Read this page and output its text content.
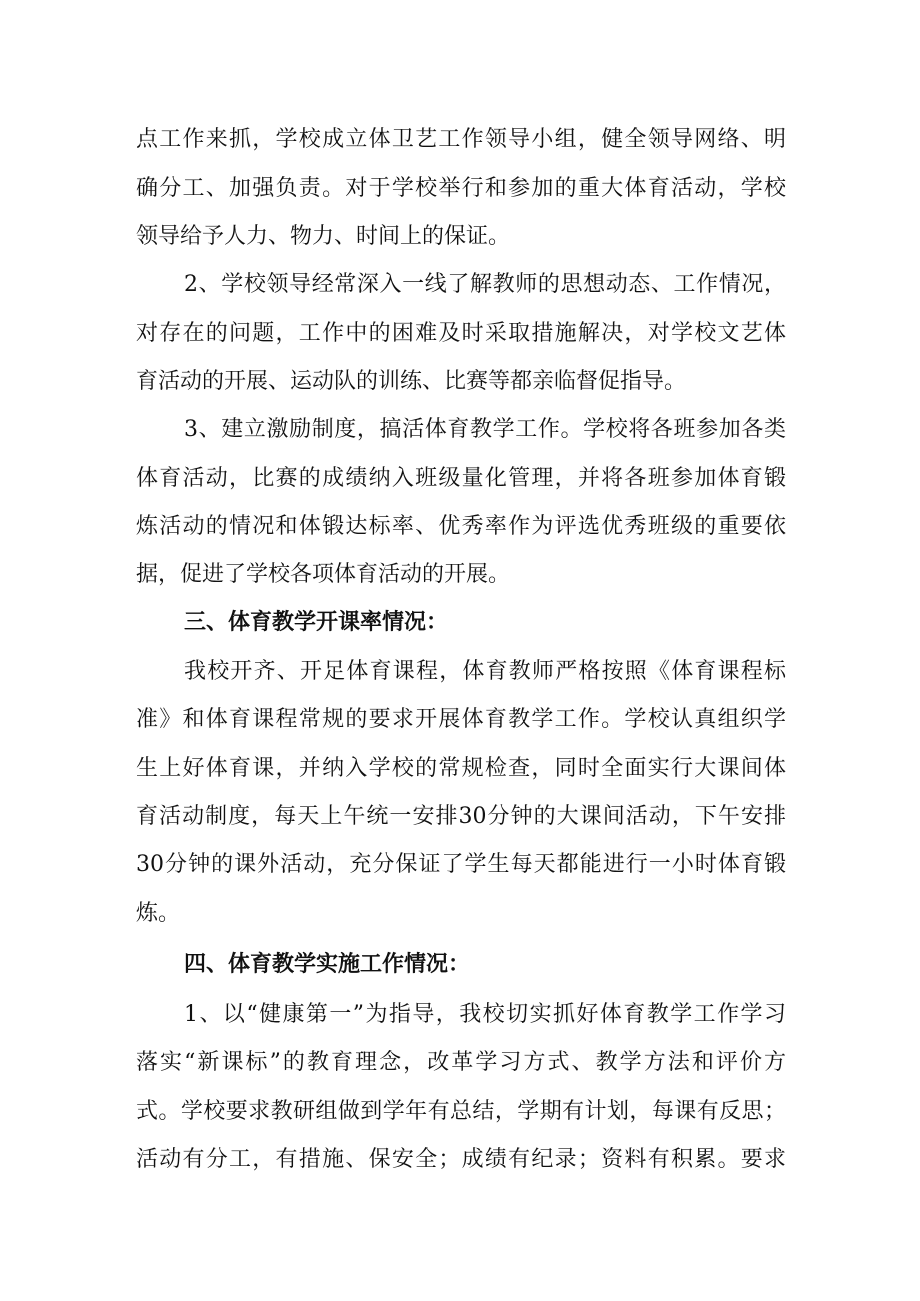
点工作来抓，学校成立体卫艺工作领导小组，健全领导网络、明
确分工、加强负责。对于学校举行和参加的重大体育活动，学校
领导给予人力、物力、时间上的保证。
2、学校领导经常深入一线了解教师的思想动态、工作情况，
对存在的问题，工作中的困难及时采取措施解决，对学校文艺体
育活动的开展、运动队的训练、比赛等都亲临督促指导。
3、建立激励制度，搞活体育教学工作。学校将各班参加各类
体育活动，比赛的成绩纳入班级量化管理，并将各班参加体育锻
炼活动的情况和体锻达标率、优秀率作为评选优秀班级的重要依
据，促进了学校各项体育活动的开展。
三、体育教学开课率情况：
我校开齐、开足体育课程，体育教师严格按照《体育课程标
准》和体育课程常规的要求开展体育教学工作。学校认真组织学
生上好体育课，并纳入学校的常规检查，同时全面实行大课间体
育活动制度，每天上午统一安排30分钟的大课间活动，下午安排
30分钟的课外活动，充分保证了学生每天都能进行一小时体育锻
炼。
四、体育教学实施工作情况：
1、以“健康第一”为指导，我校切实抓好体育教学工作学习
落实“新课标”的教育理念，改革学习方式、教学方法和评价方
式。学校要求教研组做到学年有总结，学期有计划，每课有反思；
活动有分工，有措施、保安全；成绩有纪录；资料有积累。要求
